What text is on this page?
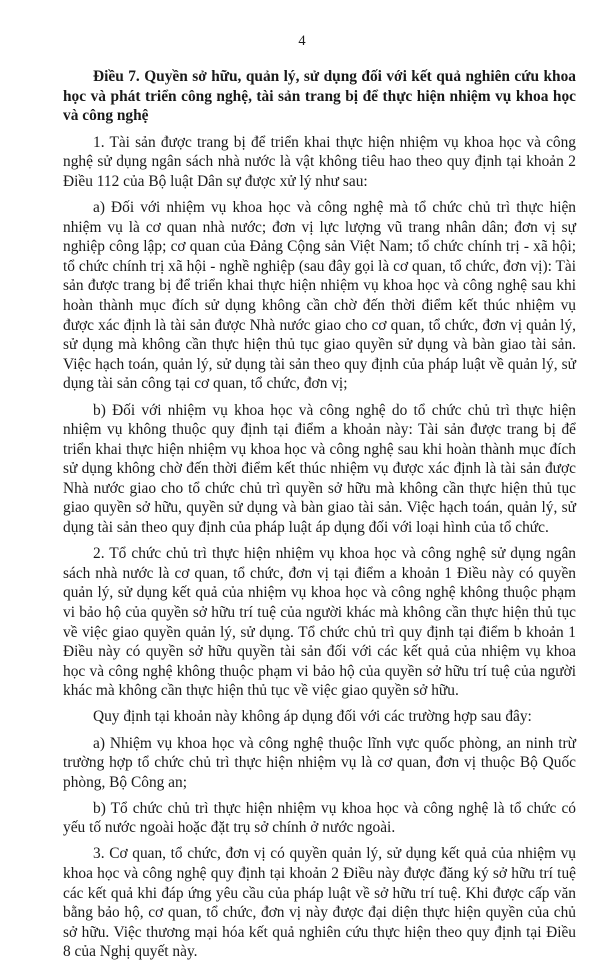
4
Điều 7. Quyền sở hữu, quản lý, sử dụng đối với kết quả nghiên cứu khoa học và phát triển công nghệ, tài sản trang bị để thực hiện nhiệm vụ khoa học và công nghệ

1. Tài sản được trang bị để triển khai thực hiện nhiệm vụ khoa học và công nghệ sử dụng ngân sách nhà nước là vật không tiêu hao theo quy định tại khoản 2 Điều 112 của Bộ luật Dân sự được xử lý như sau:

a) Đối với nhiệm vụ khoa học và công nghệ mà tổ chức chủ trì thực hiện nhiệm vụ là cơ quan nhà nước; đơn vị lực lượng vũ trang nhân dân; đơn vị sự nghiệp công lập; cơ quan của Đảng Cộng sản Việt Nam; tổ chức chính trị - xã hội; tổ chức chính trị xã hội - nghề nghiệp (sau đây gọi là cơ quan, tổ chức, đơn vị): Tài sản được trang bị để triển khai thực hiện nhiệm vụ khoa học và công nghệ sau khi hoàn thành mục đích sử dụng không cần chờ đến thời điểm kết thúc nhiệm vụ được xác định là tài sản được Nhà nước giao cho cơ quan, tổ chức, đơn vị quản lý, sử dụng mà không cần thực hiện thủ tục giao quyền sử dụng và bàn giao tài sản. Việc hạch toán, quản lý, sử dụng tài sản theo quy định của pháp luật về quản lý, sử dụng tài sản công tại cơ quan, tổ chức, đơn vị;

b) Đối với nhiệm vụ khoa học và công nghệ do tổ chức chủ trì thực hiện nhiệm vụ không thuộc quy định tại điểm a khoản này: Tài sản được trang bị để triển khai thực hiện nhiệm vụ khoa học và công nghệ sau khi hoàn thành mục đích sử dụng không chờ đến thời điểm kết thúc nhiệm vụ được xác định là tài sản được Nhà nước giao cho tổ chức chủ trì quyền sở hữu mà không cần thực hiện thủ tục giao quyền sở hữu, quyền sử dụng và bàn giao tài sản. Việc hạch toán, quản lý, sử dụng tài sản theo quy định của pháp luật áp dụng đối với loại hình của tổ chức.

2. Tổ chức chủ trì thực hiện nhiệm vụ khoa học và công nghệ sử dụng ngân sách nhà nước là cơ quan, tổ chức, đơn vị tại điểm a khoản 1 Điều này có quyền quản lý, sử dụng kết quả của nhiệm vụ khoa học và công nghệ không thuộc phạm vi bảo hộ của quyền sở hữu trí tuệ của người khác mà không cần thực hiện thủ tục về việc giao quyền quản lý, sử dụng. Tổ chức chủ trì quy định tại điểm b khoản 1 Điều này có quyền sở hữu quyền tài sản đối với các kết quả của nhiệm vụ khoa học và công nghệ không thuộc phạm vi bảo hộ của quyền sở hữu trí tuệ của người khác mà không cần thực hiện thủ tục về việc giao quyền sở hữu.

Quy định tại khoản này không áp dụng đối với các trường hợp sau đây:

a) Nhiệm vụ khoa học và công nghệ thuộc lĩnh vực quốc phòng, an ninh trừ trường hợp tổ chức chủ trì thực hiện nhiệm vụ là cơ quan, đơn vị thuộc Bộ Quốc phòng, Bộ Công an;

b) Tổ chức chủ trì thực hiện nhiệm vụ khoa học và công nghệ là tổ chức có yếu tố nước ngoài hoặc đặt trụ sở chính ở nước ngoài.

3. Cơ quan, tổ chức, đơn vị có quyền quản lý, sử dụng kết quả của nhiệm vụ khoa học và công nghệ quy định tại khoản 2 Điều này được đăng ký sở hữu trí tuệ các kết quả khi đáp ứng yêu cầu của pháp luật về sở hữu trí tuệ. Khi được cấp văn bằng bảo hộ, cơ quan, tổ chức, đơn vị này được đại diện thực hiện quyền của chủ sở hữu. Việc thương mại hóa kết quả nghiên cứu thực hiện theo quy định tại Điều 8 của Nghị quyết này.
